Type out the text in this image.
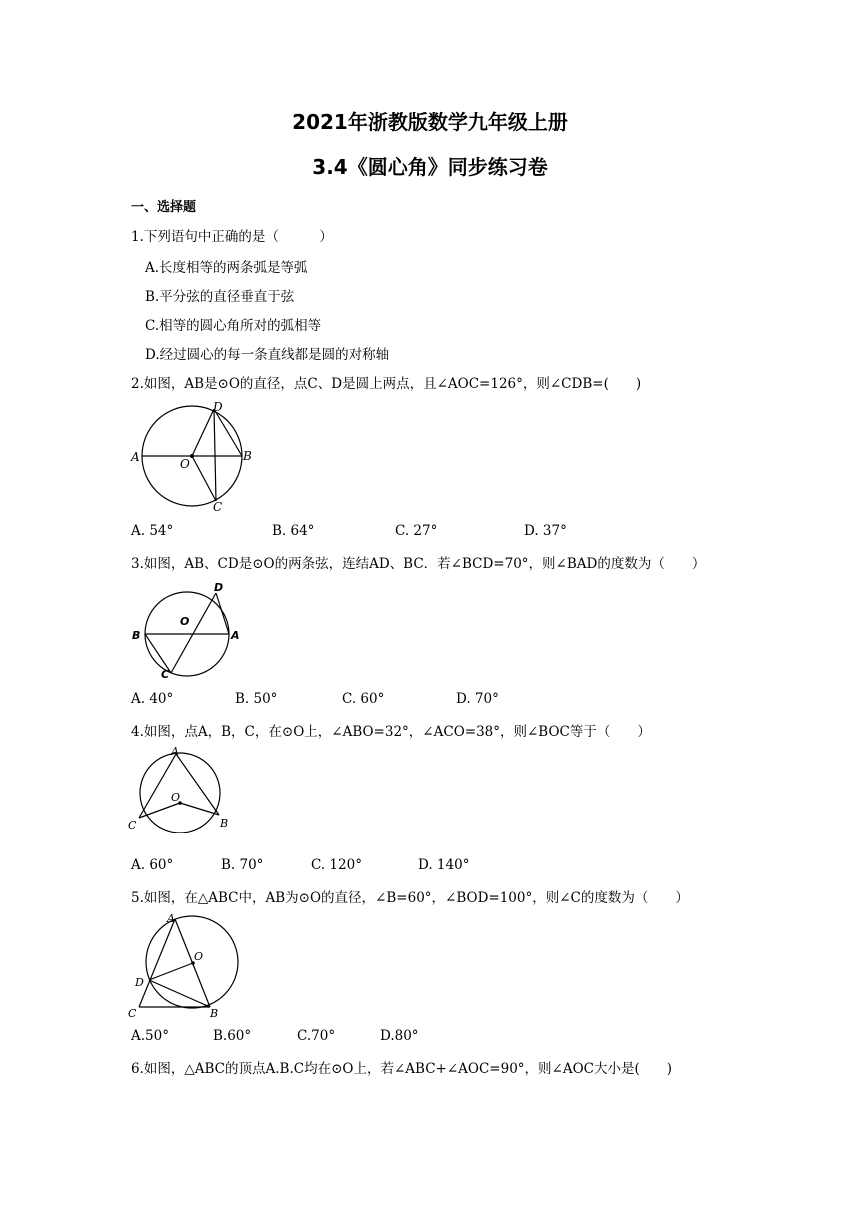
2021年浙教版数学九年级上册
3.4《圆心角》同步练习卷
一、选择题
1.下列语句中正确的是（　　　）
A.长度相等的两条弧是等弧
B.平分弦的直径垂直于弦
C.相等的圆心角所对的弧相等
D.经过圆心的每一条直线都是圆的对称轴
2.如图，AB是⊙O的直径，点C、D是圆上两点，且∠AOC=126°，则∠CDB=(　　)
A	B
C
D
O
A. 54°	B. 64°	C. 27°	D. 37°
3.如图，AB、CD是⊙O的两条弦，连结AD、BC．若∠BCD=70°，则∠BAD的度数为（　　）
A
B
C
D
O
A. 40°	B. 50°	C. 60°	D. 70°
4.如图，点A，B，C，在⊙O上，∠ABO=32°，∠ACO=38°，则∠BOC等于（　　）
A
B
C
O
A. 60°	B. 70°	C. 120°	D. 140°
5.如图，在△ABC中，AB为⊙O的直径，∠B=60°，∠BOD=100°，则∠C的度数为（　　）
A
B
C
D
O
A.50°	B.60°	C.70°	D.80°
6.如图，△ABC的顶点A.B.C均在⊙O上，若∠ABC+∠AOC=90°，则∠AOC大小是(　　)
